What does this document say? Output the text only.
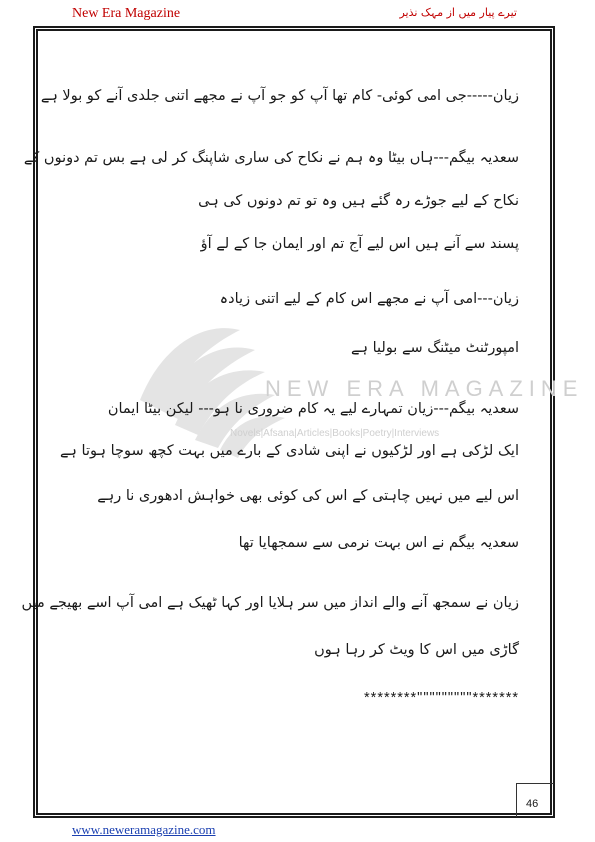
New Era Magazine	تیرے پیار میں از مہک نذیر
NEW ERA MAGAZINE
Novels|Afsana|Articles|Books|Poetry|Interviews
زیان-----جی امی کوئی- کام تھا آپ کو جو آپ نے مجھے اتنی جلدی آنے کو بولا ہے
سعدیہ بیگم---ہاں بیٹا وہ ہم نے نکاح کی ساری شاپنگ کر لی ہے بس تم دونوں کے
نکاح کے لیے جوڑے رہ گئے ہیں وہ تو تم دونوں کی ہی
پسند سے آنے ہیں اس لیے آج تم اور ایمان جا کے لے آؤ
زیان---امی آپ نے مجھے اس کام کے لیے اتنی زیادہ
امپورٹنٹ میٹنگ سے بولیا ہے
سعدیہ بیگم---زیان تمہارے لیے یہ کام ضروری نا ہو--- لیکن بیٹا ایمان
ایک لڑکی ہے اور لڑکیوں نے اپنی شادی کے بارے میں بہت کچھ سوچا ہوتا ہے
اس لیے میں نہیں چاہتی کے اس کی کوئی بھی خواہش ادھوری نا رہے
سعدیہ بیگم نے اس بہت نرمی سے سمجھایا تھا
زیان نے سمجھ آنے والے انداز میں سر ہلایا اور کہا ٹھیک ہے امی آپ اسے بھیجے میں
گاڑی میں اس کا ویٹ کر رہا ہوں
********"""""""""*******
46
www.neweramagazine.com
